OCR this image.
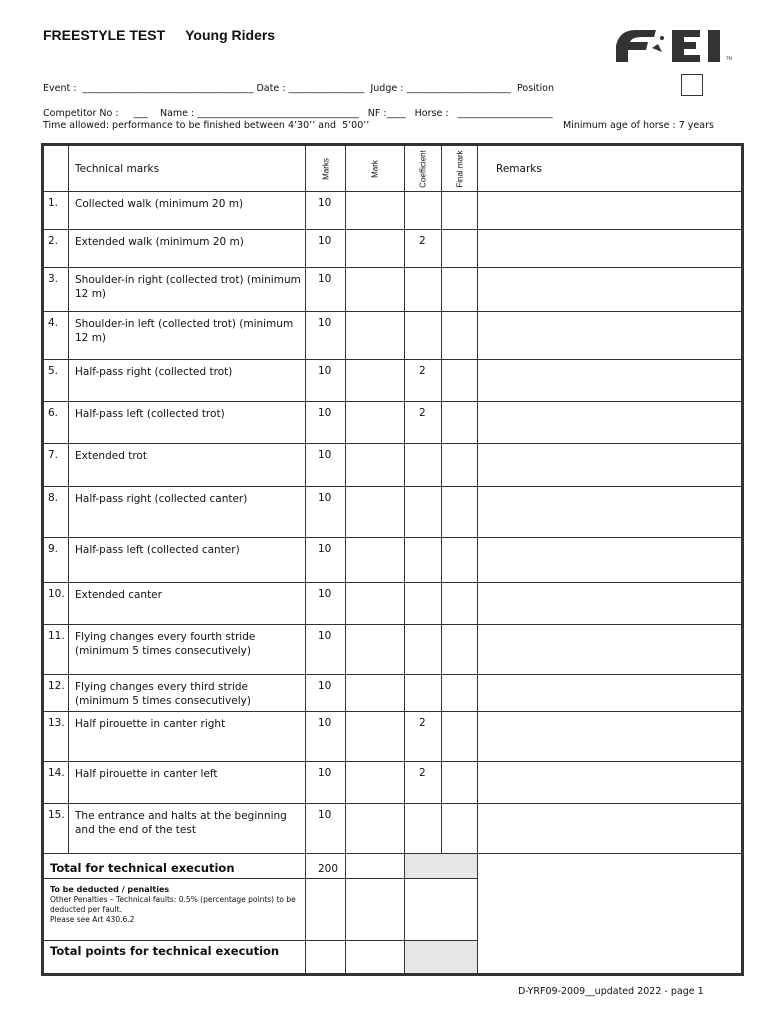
FREESTYLE TEST Young Riders
TM
FEI
Event :  ____________________________________ Date : ________________  Judge : ______________________  Position
Competitor No :     ___    Name : __________________________________   NF :____   Horse :   ____________________
Time allowed: performance to be finished between 4’30’’ and  5’00’’	Minimum age of horse : 7 years
	Technical marks	Marks	Mark	Coefficient	Final mark	Remarks
1.	Collected walk (minimum 20 m)	10				
2.	Extended walk (minimum 20 m)	10		2		
3.	Shoulder-in right (collected trot) (minimum 12 m)	10				
4.	Shoulder-in left (collected trot) (minimum 12 m)	10				
5.	Half-pass right (collected trot)	10		2		
6.	Half-pass left (collected trot)	10		2		
7.	Extended trot	10				
8.	Half-pass right (collected canter)	10				
9.	Half-pass left (collected canter)	10				
10.	Extended canter	10				
11.	Flying changes every fourth stride (minimum 5 times consecutively)	10				
12.	Flying changes every third stride (minimum 5 times consecutively)	10				
13.	Half pirouette in canter right	10		2		
14.	Half pirouette in canter left	10		2		
15.	The entrance and halts at the beginning and the end of the test	10				
Total for technical execution		200				
To be deducted / penalties
Other Penalties – Technical faults: 0.5% (percentage points) to be deducted per fault.
Please see Art 430.6.2						
Total points for technical execution						
D-YRF09-2009__updated 2022 - page 1
